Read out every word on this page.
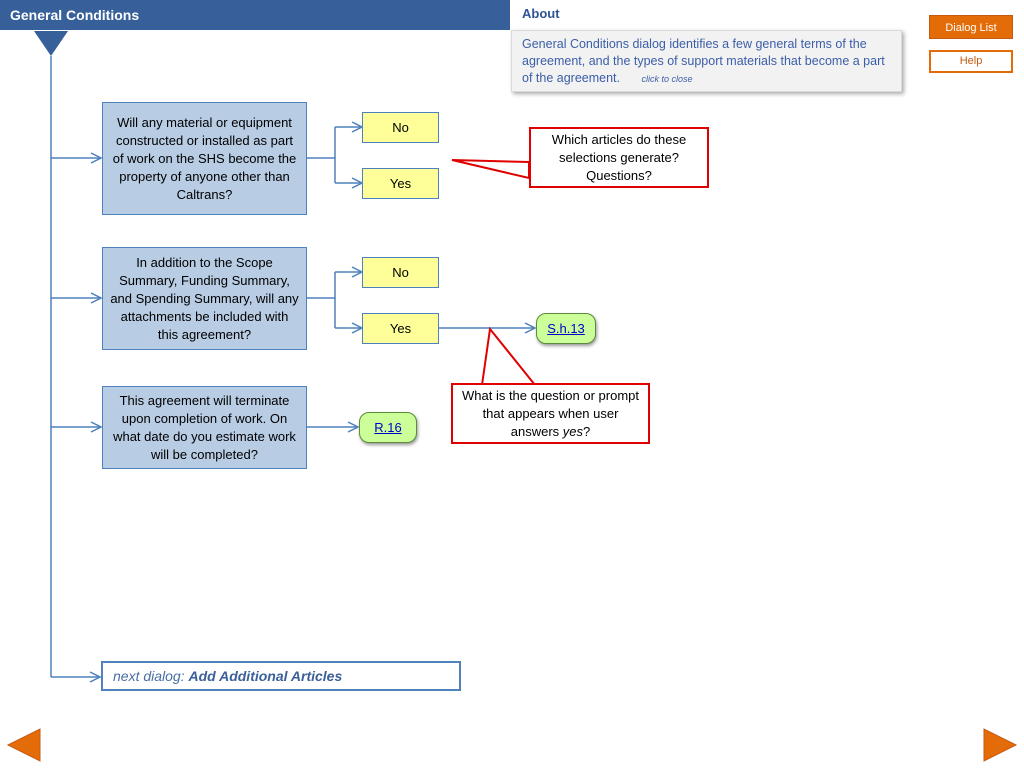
General Conditions	About
General Conditions dialog identifies a few general terms of the agreement, and the types of support materials that become a part of the agreement. click to close
Dialog List
Help
Will any material or equipment constructed or installed as part of work on the SHS become the property of anyone other than Caltrans?
In addition to the Scope Summary, Funding Summary, and Spending Summary, will any attachments be included with this agreement?
This agreement will terminate upon completion of work. On what date do you estimate work will be completed?
No
Yes
No
Yes	S.h.13
R.16
Which articles do these selections generate? Questions?
What is the question or prompt that appears when user answers yes?
next dialog: Add Additional Articles
